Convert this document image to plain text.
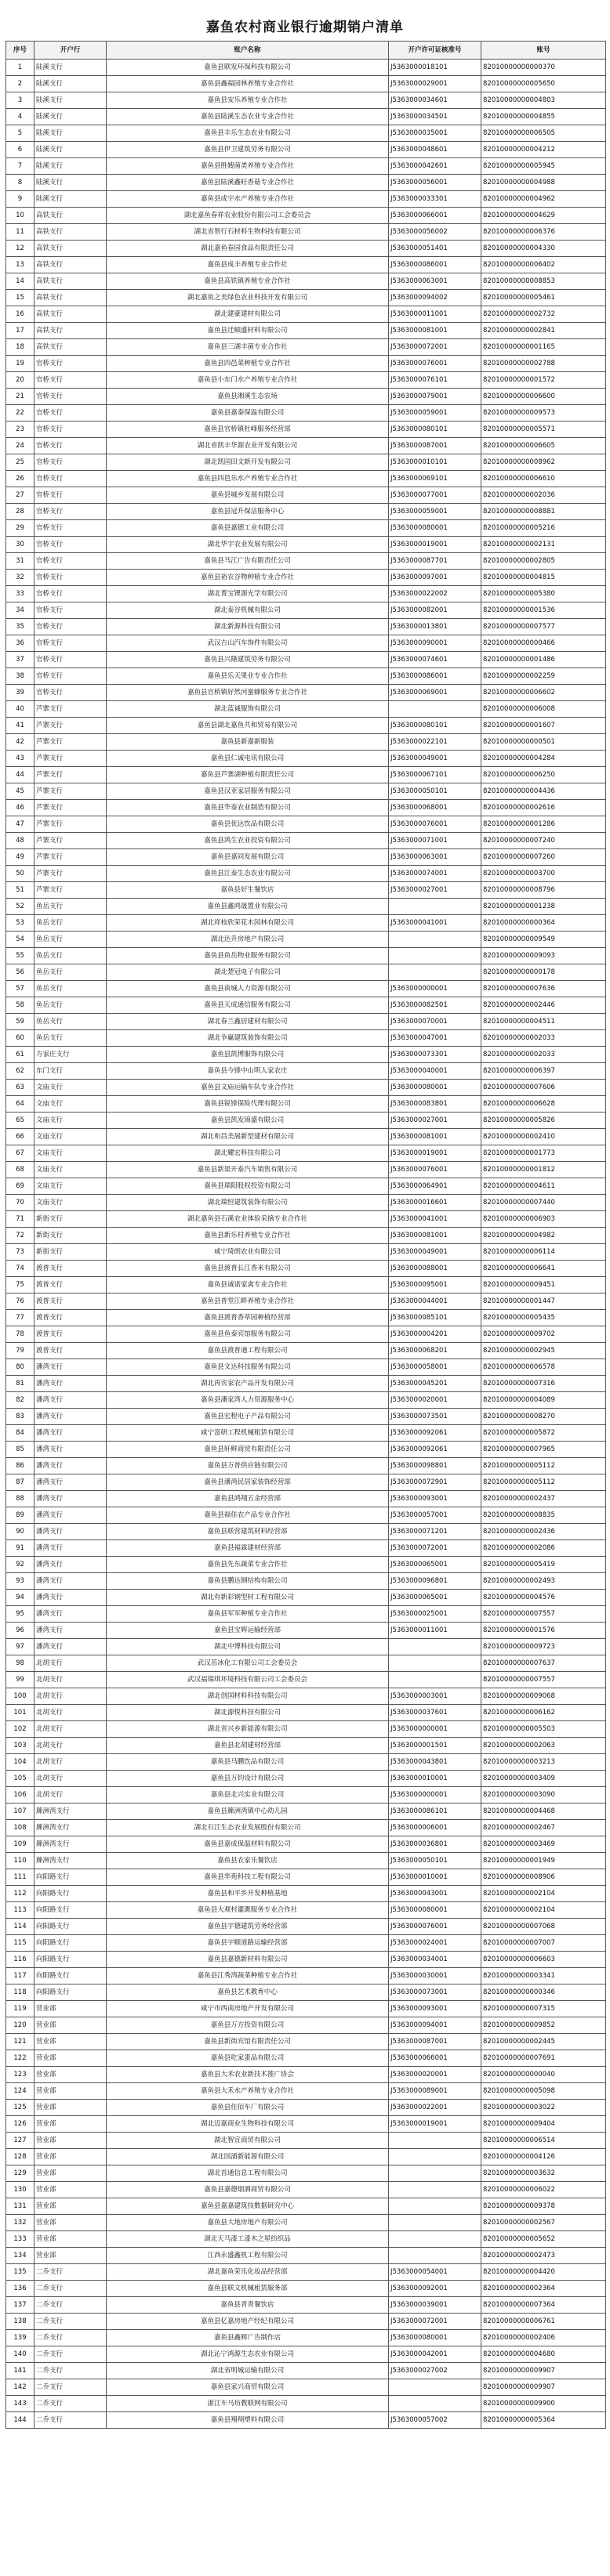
嘉鱼农村商业银行逾期销户清单
序号	开户行	账户名称	开户许可证核准号	账号
1	陆溪支行	嘉鱼县联发环保科技有限公司	J5363000018101	82010000000000370
2	陆溪支行	嘉鱼县鑫福园林养殖专业合作社	J5363000029001	82010000000005650
3	陆溪支行	嘉鱼县安乐养殖专业合作社	J5363000034601	82010000000004803
4	陆溪支行	嘉鱼县陆溪生态农业专业合作社	J5363000034501	82010000000004855
5	陆溪支行	嘉鱼县丰乐生态农业有限公司	J5363000035001	82010000000006505
6	陆溪支行	嘉鱼县伊卫建筑劳务有限公司	J5363000048601	82010000000004212
7	陆溪支行	嘉鱼县胜嫂菌类养殖专业合作社	J5363000042601	82010000000005945
8	陆溪支行	嘉鱼县陆溪鑫旺香菇专业合作社	J5363000056001	82010000000004988
9	陆溪支行	嘉鱼县成宇水产养殖专业合作社	J5363000033301	82010000000004962
10	高铁支行	湖北嘉鱼春祥农业股份有限公司工会委员会	J5363000066001	82010000000004629
11	高铁支行	湖北省智行石材料生物科技有限公司	J5363000056002	82010000000006376
12	高铁支行	湖北嘉鱼春园食品有限责任公司	J5363000051401	82010000000004330
13	高铁支行	嘉鱼县成丰养殖专业合作社	J5363000086001	82010000000006402
14	高铁支行	嘉鱼县高铁镇养殖专业合作社	J5363000063001	82010000000008853
15	高铁支行	湖北嘉鱼之美绿色农业科技开发有限公司	J5363000094002	82010000000005461
16	高铁支行	湖北建豪建材有限公司	J5363000011001	82010000000002732
17	高铁支行	嘉鱼县迁顺盛材料有限公司	J5363000081001	82010000000002841
18	高铁支行	嘉鱼县三湖丰菌专业合作社	J5363000072001	82010000000001165
19	官桥支行	嘉鱼县四邑菜种植专业合作社	J5363000076001	82010000000002788
20	官桥支行	嘉鱼县小东门水产养殖专业合作社	J5363000076101	82010000000001572
21	官桥支行	嘉鱼县湘溪生态农场	J5363000079001	82010000000006600
22	官桥支行	嘉鱼县嘉秦保温有限公司	J5363000059001	82010000000009573
23	官桥支行	嘉鱼县官桥镇杜峰服务经营部	J5363000080101	82010000000005571
24	官桥支行	湖北省凯丰华源农业开发有限公司	J5363000087001	82010000000006605
25	官桥支行	湖北凯园田文新开发有限公司	J5363000010101	82010000000008962
26	官桥支行	嘉鱼县四邑乐水产养殖专业合作社	J5363000069101	82010000000006610
27	官桥支行	嘉鱼县城乡发展有限公司	J5363000077001	82010000000002036
28	官桥支行	嘉鱼县冠升保洁服务中心	J5363000059001	82010000000008881
29	官桥支行	嘉鱼县嘉德工业有限公司	J5363000080001	82010000000005216
30	官桥支行	湖北华宇农业发展有限公司	J5363000019001	82010000000002131
31	官桥支行	嘉鱼县马江广告有限责任公司	J5363000087701	82010000000002805
32	官桥支行	嘉鱼县裕农谷物种植专业合作社	J5363000097001	82010000000004815
33	官桥支行	湖北菁宝锂源光学有限公司	J5363000022002	82010000000005380
34	官桥支行	湖北泰谷机械有限公司	J5363000082001	82010000000001536
35	官桥支行	湖北新源科技有限公司	J5363000013801	82010000000007577
36	官桥支行	武汉吉山汽车饰件有限公司	J5363000090001	82010000000000466
37	官桥支行	嘉鱼县兴隆建筑劳务有限公司	J5363000074601	82010000000001486
38	官桥支行	嘉鱼县乐天果业专业合作社	J5363000086001	82010000000002259
39	官桥支行	嘉鱼县官桥镇好然河蜜蜂服务专业合作社	J5363000069001	82010000000006602
40	芦寨支行	湖北蓝诚服饰有限公司		82010000000006008
41	芦寨支行	嘉鱼县湖北嘉鱼共和贸易有限公司	J5363000080101	82010000000001607
42	芦寨支行	嘉鱼县新嘉新服装	J5363000022101	82010000000000501
43	芦寨支行	嘉鱼县仁诚电讯有限公司	J5363000049001	82010000000004284
44	芦寨支行	嘉鱼县芦寨湖种植有限责任公司	J5363000067101	82010000000006250
45	芦寨支行	嘉鱼县汉亚家居服务有限公司	J5363000050101	82010000000004436
46	芦寨支行	嘉鱼县华泰农业制造有限公司	J5363000068001	82010000000002616
47	芦寨支行	嘉鱼县优达饮品有限公司	J5363000076001	82010000000001286
48	芦寨支行	嘉鱼县鸿生农业投资有限公司	J5363000071001	82010000000007240
49	芦寨支行	嘉鱼县嘉同发展有限公司	J5363000063001	82010000000007260
50	芦寨支行	嘉鱼县江泰生态农业有限公司	J5363000074001	82010000000003700
51	芦寨支行	嘉鱼县好生餐饮店	J5363000027001	82010000000008796
52	鱼岳支行	嘉鱼县鑫鸿晟置业有限公司		82010000000001238
53	鱼岳支行	湖北祥枝欣荣花木园林有限公司	J5363000041001	82010000000000364
54	鱼岳支行	湖北达升房地产有限公司		82010000000009549
55	鱼岳支行	嘉鱼县鱼岳物业服务有限公司		82010000000009093
56	鱼岳支行	湖北楚冠电子有限公司		82010000000000178
57	鱼岳支行	嘉鱼县南城人力资源有限公司	J5363000000001	82010000000007636
58	鱼岳支行	嘉鱼县天成通信服务有限公司	J5363000082501	82010000000002446
59	鱼岳支行	湖北春兰鑫居建材有限公司	J5363000070001	82010000000004511
60	鱼岳支行	湖北争赢建筑装饰有限公司	J5363000047001	82010000000002033
61	方家庄支行	嘉鱼县凯博服饰有限公司	J5363000073301	82010000000002033
62	东门支行	嘉鱼县今锋中山明人家农庄	J5363000040001	82010000000006397
63	文庙支行	嘉鱼县文庙运输车队专业合作社	J5363000080001	82010000000007606
64	文庙支行	嘉鱼县锐锋保险代理有限公司	J5363000083801	82010000000006628
65	文庙支行	嘉鱼县凯发锦盛有限公司	J5363000027001	82010000000005826
66	文庙支行	湖北和昌美展新型建材有限公司	J5363000081001	82010000000002410
67	文庙支行	湖北耀宏科技有限公司	J5363000019001	82010000000001773
68	文庙支行	嘉鱼县新渠开泰汽车销售有限公司	J5363000076001	82010000000001812
69	文庙支行	嘉鱼县瑞阳股权投资有限公司	J5363000064901	82010000000004611
70	文庙支行	湖北瑞恒建筑装饰有限公司	J5363000016601	82010000000007440
71	新街支行	湖北嘉鱼县石溪农业体验采摘专业合作社	J5363000041001	82010000000006903
72	新街支行	嘉鱼县新乐村养殖专业合作社	J5363000081001	82010000000004982
73	新街支行	咸宁琦朗农业有限公司	J5363000049001	82010000000006114
74	渡普支行	嘉鱼县渡普长江香米有限公司	J5363000088001	82010000000006641
75	渡普支行	嘉鱼县诚诺家禽专业合作社	J5363000095001	82010000000009451
76	渡普支行	嘉鱼县普堂江畔养殖专业合作社	J5363000044001	82010000000001447
77	渡普支行	嘉鱼县渡普香草园种植经营部	J5363000085101	82010000000005435
78	渡普支行	嘉鱼县鱼泰宾馆服务有限公司	J5363000004201	82010000000009702
79	渡普支行	嘉鱼县渡普通工程有限公司	J5363000068201	82010000000002945
80	潘湾支行	嘉鱼县文达科技服务有限公司	J5363000058001	82010000000006578
81	潘湾支行	湖北再宾家农产品开发有限公司	J5363000045201	82010000000007316
82	潘湾支行	嘉鱼县潘家湾人力资源服务中心	J5363000020001	82010000000004089
83	潘湾支行	嘉鱼县宏程电子产品有限公司	J5363000073501	82010000000008270
84	潘湾支行	咸宁富研工程机械租赁有限公司	J5363000092061	82010000000005872
85	潘湾支行	嘉鱼县轩鲜商贸有限责任公司	J5363000092061	82010000000007965
86	潘湾支行	嘉鱼县万普供应链有限公司	J5363000098801	82010000000005112
87	潘湾支行	嘉鱼县潘湾民居家装饰经营部	J5363000072901	82010000000005112
88	潘湾支行	嘉鱼县鸿翔五金经营部	J5363000093001	82010000000002437
89	潘湾支行	嘉鱼县福佳农产品专业合作社	J5363000057001	82010000000008835
90	潘湾支行	嘉鱼县联营建筑材料经营部	J5363000071201	82010000000002436
91	潘湾支行	嘉鱼县福霖建材经营部	J5363000072001	82010000000002086
92	潘湾支行	嘉鱼县先东蔬菜专业合作社	J5363000065001	82010000000005419
93	潘湾支行	嘉鱼县鹏达钢结构有限公司	J5363000096801	82010000000002493
94	潘湾支行	湖北有新彩钢型材工程有限公司	J5363000065001	82010000000004576
95	潘湾支行	嘉鱼县军军种植专业合作社	J5363000025001	82010000000007557
96	潘湾支行	嘉鱼县宝辉运输经营部	J5363000011001	82010000000001576
97	潘湾支行	湖北中博科技有限公司		82010000000009723
98	北胡支行	武汉茁冰化工有限公司工会委员会		82010000000007637
99	北胡支行	武汉福瑞琪环境科技有限公司工会委员会		82010000000007557
100	北胡支行	湖北创国材料科技有限公司	J5363000003001	82010000000009068
101	北胡支行	湖北源悦科技有限公司	J5363000037601	82010000000006162
102	北胡支行	湖北省兴乡新能源有限公司	J5363000000001	82010000000005503
103	北胡支行	嘉鱼县北胡建材经营部	J5363000001501	82010000000002063
104	北胡支行	嘉鱼县马鹏饮品有限公司	J5363000043801	82010000000003213
105	北胡支行	嘉鱼县万钧设计有限公司	J5363000010001	82010000000003409
106	北胡支行	嘉鱼县北兴实业有限公司	J5363000000001	82010000000003090
107	簰洲湾支行	嘉鱼县簰洲湾镇中心幼儿园	J5363000086101	82010000000004468
108	簰洲湾支行	湖北石江生态农业发展股份有限公司	J5363000006001	82010000000002467
109	簰洲湾支行	嘉鱼县嘉成保温材料有限公司	J5363000036801	82010000000003469
110	簰洲湾支行	嘉鱼县农家乐餐饮店	J5363000050101	82010000000001949
111	向阳路支行	嘉鱼县华苑科技工程有限公司	J5363000010001	82010000000008906
112	向阳路支行	嘉鱼县和平乡开发种植基地	J5363000043001	82010000000002104
113	向阳路支行	嘉鱼县大观村灌溉服务专业合作社	J5363000080001	82010000000002104
114	向阳路支行	嘉鱼县宇德建筑劳务经营部	J5363000076001	82010000000007068
115	向阳路支行	嘉鱼县宇顺道路运输经营部	J5363000024001	82010000000007007
116	向阳路支行	嘉鱼县嘉德新材料有限公司	J5363000034001	82010000000006603
117	向阳路支行	嘉鱼县江秀湾蔬菜种植专业合作社	J5363000030001	82010000000003341
118	向阳路支行	嘉鱼县艺术教育中心	J5363000073001	82010000000000346
119	营业部	咸宁市西南房地产开发有限公司	J5363000093001	82010000000007315
120	营业部	嘉鱼县万方投资有限公司	J5363000094001	82010000000009852
121	营业部	嘉鱼县新街宾馆有限责任公司	J5363000087001	82010000000002445
122	营业部	嘉鱼县吃家蛋品有限公司	J5363000066001	82010000000007691
123	营业部	嘉鱼县大禾农业新技术推广协会	J5363000020001	82010000000000040
124	营业部	嘉鱼县大禾水产养殖专业合作社	J5363000089001	82010000000005098
125	营业部	嘉鱼县佳佰车厂有限公司	J5363000022001	82010000000003022
126	营业部	湖北迈嘉商业生物科技有限公司	J5363000019001	82010000000009404
127	营业部	湖北智宣商贸有限公司		82010000000006514
128	营业部	湖北国涌新能源有限公司		82010000000004126
129	营业部	湖北首通信息工程有限公司		82010000000003632
130	营业部	嘉鱼县嘉德烟酒商贸有限公司		82010000000006022
131	营业部	嘉鱼县嘉嘉建筑技数据研究中心		82010000000009378
132	营业部	嘉鱼县大地房地产有限公司		82010000000002567
133	营业部	湖北天马漆工漆木之星纺织品		82010000000005652
134	营业部	江西永盛鑫机工程有限公司		82010000000002473
135	二乔支行	湖北嘉鱼荣乐化妆品经营部	J5363000054001	82010000000004420
136	二乔支行	嘉鱼县联文机械租赁服务部	J5363000092001	82010000000002364
137	二乔支行	嘉鱼县青青餐饮店	J5363000039001	82010000000007364
138	二乔支行	嘉鱼县亿嘉房地产经纪有限公司	J5363000072001	82010000000006761
139	二乔支行	嘉鱼县鑫辉广告制作店	J5363000080001	82010000000002406
140	二乔支行	湖北沁宁鸿源生态农业有限公司	J5363000042001	82010000000004680
141	二乔支行	湖北省明城运输有限公司	J5363000027002	82010000000009907
142	二乔支行	嘉鱼县家兴商贸有限公司		82010000000009907
143	二乔支行	浙江车马坊教联网有限公司		82010000000009900
144	二乔支行	嘉鱼县翔翔塑料有限公司	J5363000057002	82010000000005364
